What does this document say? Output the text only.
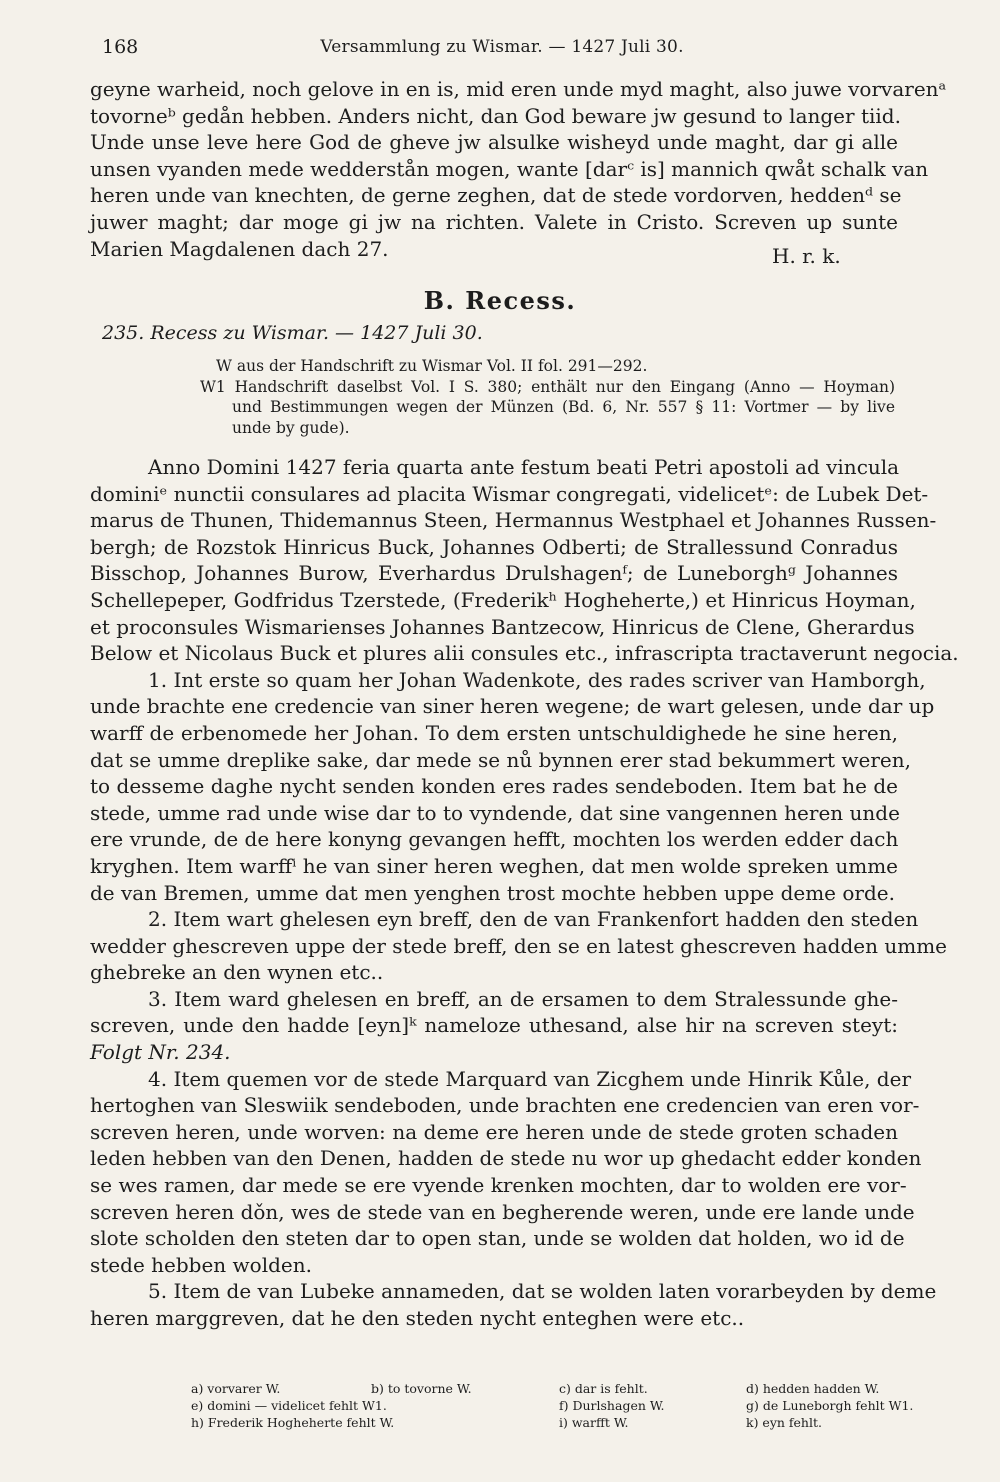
168	Versammlung zu Wismar. — 1427 Juli 30.
geyne warheid, noch gelove in en is, mid eren unde myd maght, also juwe vorvarenᵃ
tovorneᵇ gedån hebben. Anders nicht, dan God beware jw gesund to langer tiid.
Unde unse leve here God de gheve jw alsulke wisheyd unde maght, dar gi alle
unsen vyanden mede wedderstån mogen, wante [darᶜ is] mannich qwåt schalk van
heren unde van knechten, de gerne zeghen, dat de stede vordorven, heddenᵈ se
juwer maght; dar moge gi jw na richten. Valete in Cristo. Screven up sunte
Marien Magdalenen dach 27.	H. r. k.
B. Recess.
235. Recess zu Wismar. — 1427 Juli 30.
W aus der Handschrift zu Wismar Vol. II fol. 291—292.
W1 Handschrift daselbst Vol. I S. 380; enthält nur den Eingang (Anno — Hoyman)
und Bestimmungen wegen der Münzen (Bd. 6, Nr. 557 § 11: Vortmer — by live
unde by gude).
Anno Domini 1427 feria quarta ante festum beati Petri apostoli ad vincula
dominiᵉ nunctii consulares ad placita Wismar congregati, videlicetᵉ: de Lubek Det-
marus de Thunen, Thidemannus Steen, Hermannus Westphael et Johannes Russen-
bergh; de Rozstok Hinricus Buck, Johannes Odberti; de Strallessund Conradus
Bisschop, Johannes Burow, Everhardus Drulshagenᶠ; de Luneborghᵍ Johannes
Schellepeper, Godfridus Tzerstede, (Frederikʰ Hogheherte,) et Hinricus Hoyman,
et proconsules Wismarienses Johannes Bantzecow, Hinricus de Clene, Gherardus
Below et Nicolaus Buck et plures alii consules etc., infrascripta tractaverunt negocia.
1. Int erste so quam her Johan Wadenkote, des rades scriver van Hamborgh,
unde brachte ene credencie van siner heren wegene; de wart gelesen, unde dar up
warff de erbenomede her Johan. To dem ersten untschuldighede he sine heren,
dat se umme dreplike sake, dar mede se nů bynnen erer stad bekummert weren,
to desseme daghe nycht senden konden eres rades sendeboden. Item bat he de
stede, umme rad unde wise dar to to vyndende, dat sine vangennen heren unde
ere vrunde, de de here konyng gevangen hefft, mochten los werden edder dach
kryghen. Item warffⁱ he van siner heren weghen, dat men wolde spreken umme
de van Bremen, umme dat men yenghen trost mochte hebben uppe deme orde.
2. Item wart ghelesen eyn breff, den de van Frankenfort hadden den steden
wedder ghescreven uppe der stede breff, den se en latest ghescreven hadden umme
ghebreke an den wynen etc..
3. Item ward ghelesen en breff, an de ersamen to dem Stralessunde ghe-
screven, unde den hadde [eyn]ᵏ nameloze uthesand, alse hir na screven steyt:
Folgt Nr. 234.
4. Item quemen vor de stede Marquard van Zicghem unde Hinrik Kůle, der
hertoghen van Sleswiik sendeboden, unde brachten ene credencien van eren vor-
screven heren, unde worven: na deme ere heren unde de stede groten schaden
leden hebben van den Denen, hadden de stede nu wor up ghedacht edder konden
se wes ramen, dar mede se ere vyende krenken mochten, dar to wolden ere vor-
screven heren dǒn, wes de stede van en begherende weren, unde ere lande unde
slote scholden den steten dar to open stan, unde se wolden dat holden, wo id de
stede hebben wolden.
5. Item de van Lubeke annameden, dat se wolden laten vorarbeyden by deme
heren marggreven, dat he den steden nycht enteghen were etc..
a) vorvarer W.	b) to tovorne W.	c) dar is fehlt.	d) hedden hadden W.
e) domini — videlicet fehlt W1.	f) Durlshagen W.	g) de Luneborgh fehlt W1.
h) Frederik Hogheherte fehlt W.	i) warfft W.	k) eyn fehlt.
